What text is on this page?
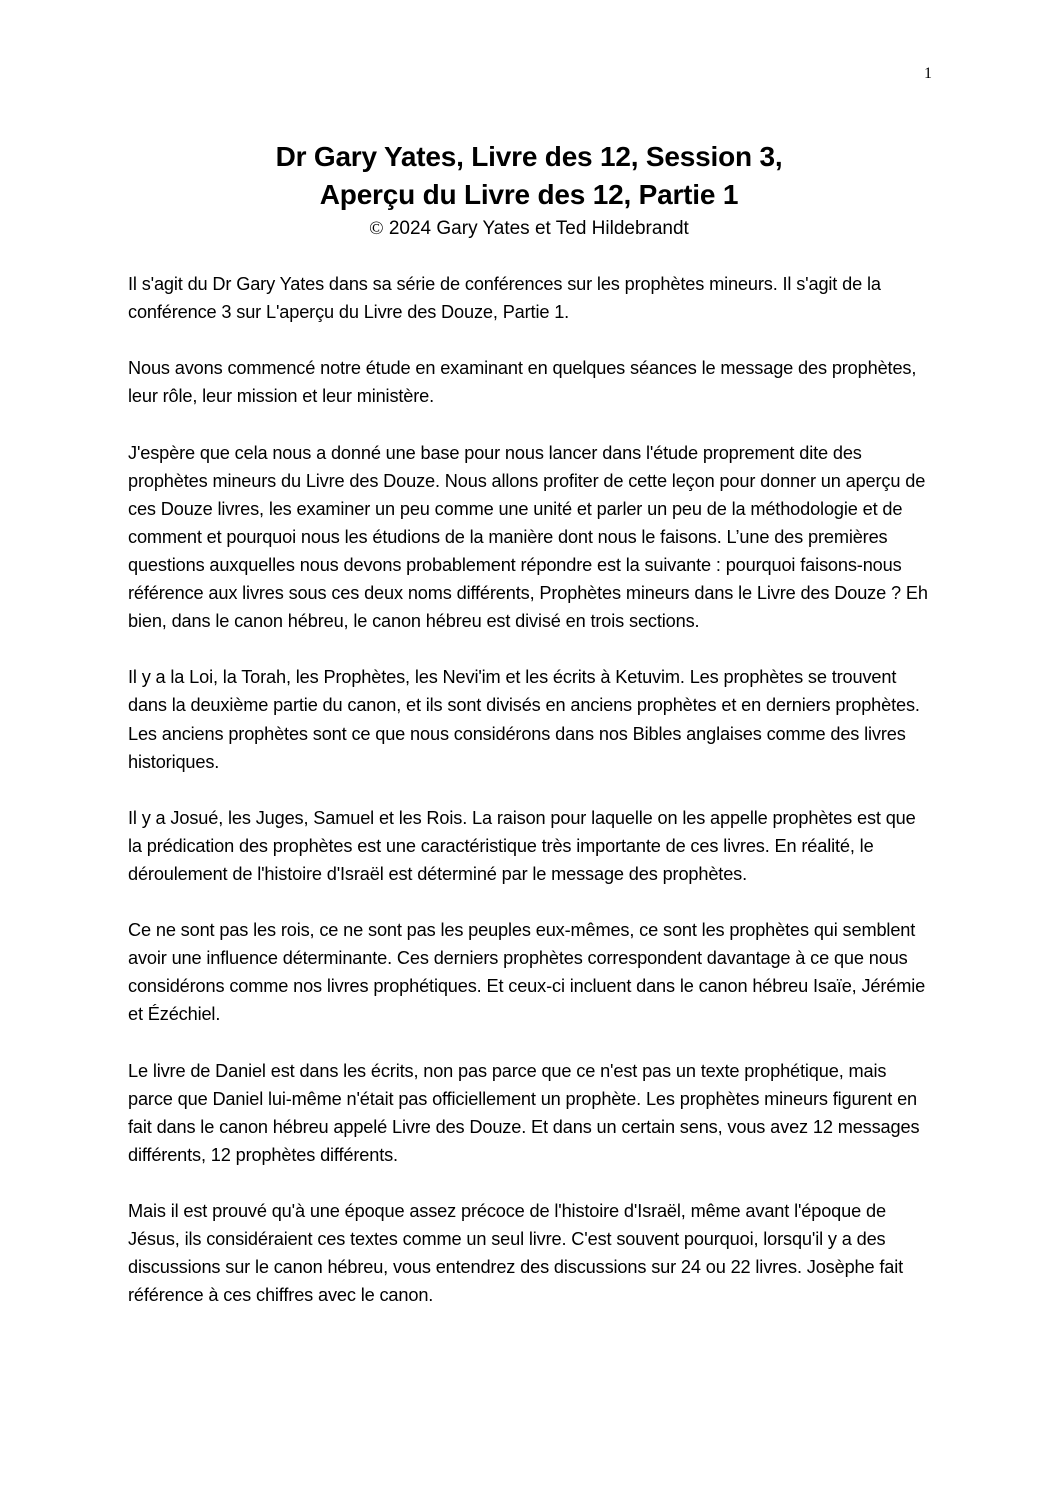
1
Dr Gary Yates, Livre des 12, Session 3,
Aperçu du Livre des 12, Partie 1
© 2024 Gary Yates et Ted Hildebrandt

Il s'agit du Dr Gary Yates dans sa série de conférences sur les prophètes mineurs. Il s'agit de la conférence 3 sur L'aperçu du Livre des Douze, Partie 1.

Nous avons commencé notre étude en examinant en quelques séances le message des prophètes, leur rôle, leur mission et leur ministère.

J'espère que cela nous a donné une base pour nous lancer dans l'étude proprement dite des prophètes mineurs du Livre des Douze. Nous allons profiter de cette leçon pour donner un aperçu de ces Douze livres, les examiner un peu comme une unité et parler un peu de la méthodologie et de comment et pourquoi nous les étudions de la manière dont nous le faisons. L’une des premières questions auxquelles nous devons probablement répondre est la suivante : pourquoi faisons-nous référence aux livres sous ces deux noms différents, Prophètes mineurs dans le Livre des Douze ? Eh bien, dans le canon hébreu, le canon hébreu est divisé en trois sections.

Il y a la Loi, la Torah, les Prophètes, les Nevi'im et les écrits à Ketuvim. Les prophètes se trouvent dans la deuxième partie du canon, et ils sont divisés en anciens prophètes et en derniers prophètes. Les anciens prophètes sont ce que nous considérons dans nos Bibles anglaises comme des livres historiques.

Il y a Josué, les Juges, Samuel et les Rois. La raison pour laquelle on les appelle prophètes est que la prédication des prophètes est une caractéristique très importante de ces livres. En réalité, le déroulement de l'histoire d'Israël est déterminé par le message des prophètes.

Ce ne sont pas les rois, ce ne sont pas les peuples eux-mêmes, ce sont les prophètes qui semblent avoir une influence déterminante. Ces derniers prophètes correspondent davantage à ce que nous considérons comme nos livres prophétiques. Et ceux-ci incluent dans le canon hébreu Isaïe, Jérémie et Ézéchiel.

Le livre de Daniel est dans les écrits, non pas parce que ce n'est pas un texte prophétique, mais parce que Daniel lui-même n'était pas officiellement un prophète. Les prophètes mineurs figurent en fait dans le canon hébreu appelé Livre des Douze. Et dans un certain sens, vous avez 12 messages différents, 12 prophètes différents.

Mais il est prouvé qu'à une époque assez précoce de l'histoire d'Israël, même avant l'époque de Jésus, ils considéraient ces textes comme un seul livre. C'est souvent pourquoi, lorsqu'il y a des discussions sur le canon hébreu, vous entendrez des discussions sur 24 ou 22 livres. Josèphe fait référence à ces chiffres avec le canon.
